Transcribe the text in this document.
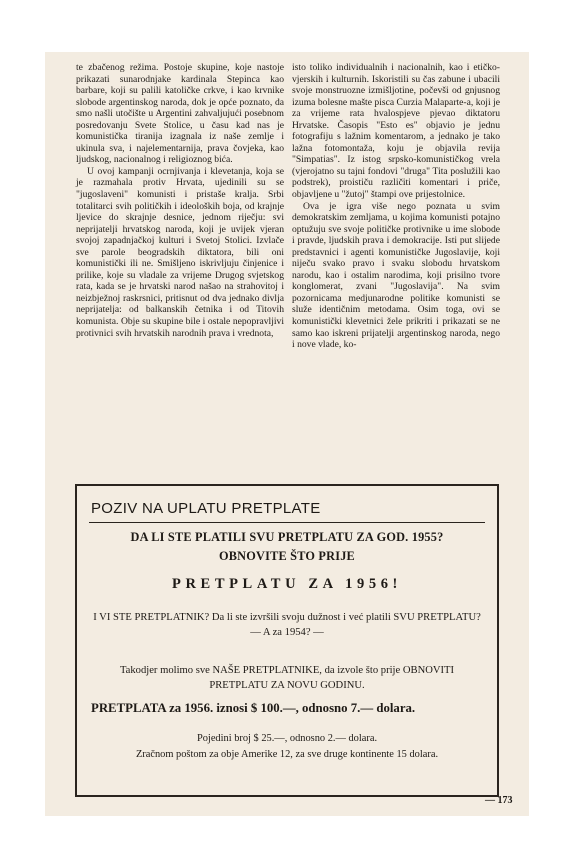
te zbačenog režima. Postoje skupine, koje nastoje prikazati sunarodnjake kardinala Stepinca kao barbare, koji su palili katoličke crkve, i kao krvnike slobode argentinskog naroda, dok je opće poznato, da smo našli utočište u Argentini zahvaljujući posebnom posredovanju Svete Stolice, u času kad nas je komunistička tiranija izagnala iz naše zemlje i ukinula sva, i najelementarnija, prava čovjeka, kao ljudskog, nacionalnog i religioznog bića.

U ovoj kampanji ocrnjivanja i klevetanja, koja se je razmahala protiv Hrvata, ujedinili su se "jugoslaveni" komunisti i pristaše kralja. Srbi totalitarci svih političkih i ideoloških boja, od krajnje ljevice do skrajnje desnice, jednom riječju: svi neprijatelji hrvatskog naroda, koji je uvijek vjeran svojoj zapadnjačkoj kulturi i Svetoj Stolici. Izvlače sve parole beogradskih diktatora, bili oni komunistički ili ne. Smišljeno iskrivljuju činjenice i prilike, koje su vladale za vrijeme Drugog svjetskog rata, kada se je hrvatski narod našao na strahovitoj i neizbježnoj raskrsnici, pritisnut od dva jednako divlja neprijatelja: od balkanskih četnika i od Titovih komunista. Obje su skupine bile i ostale nepopravljivi protivnici svih hrvatskih narodnih prava i vrednota,

isto toliko individualnih i nacionalnih, kao i etičko-vjerskih i kulturnih. Iskoristili su čas zabune i ubacili svoje monstruozne izmišljotine, počevši od gnjusnog izuma bolesne mašte pisca Curzia Malaparte-a, koji je za vrijeme rata hvalospjeve pjevao diktatoru Hrvatske. Časopis "Esto es" objavio je jednu fotografiju s lažnim komentarom, a jednako je tako lažna fotomontaža, koju je objavila revija "Simpatias". Iz istog srpsko-komunističkog vrela (vjerojatno su tajni fondovi "druga" Tita poslužili kao podstrek), proističu različiti komentari i priče, objavljene u "žutoj" štampi ove prijestolnice.

Ova je igra više nego poznata u svim demokratskim zemljama, u kojima komunisti potajno optužuju sve svoje političke protivnike u ime slobode i pravde, ljudskih prava i demokracije. Isti put slijede predstavnici i agenti komunističke Jugoslavije, koji niječu svako pravo i svaku slobodu hrvatskom narodu, kao i ostalim narodima, koji prisilno tvore konglomerat, zvani "Jugoslavija". Na svim pozornicama medjunarodne politike komunisti se služe identičnim metodama. Osim toga, ovi se komunistički klevetnici žele prikriti i prikazati se ne samo kao iskreni prijatelji argentinskog naroda, nego i nove vlade, ko-

POZIV NA UPLATU PRETPLATE
DA LI STE PLATILI SVU PRETPLATU ZA GOD. 1955?
OBNOVITE ŠTO PRIJE
PRETPLATU ZA 1956!
I VI STE PRETPLATNIK? Da li ste izvršili svoju dužnost i već platili SVU PRETPLATU? — A za 1954? —
Takodjer molimo sve NAŠE PRETPLATNIKE, da izvole što prije OBNOVITI PRETPLATU ZA NOVU GODINU.
PRETPLATA za 1956. iznosi $ 100.—, odnosno 7.— dolara.
Pojedini broj $ 25.—, odnosno 2.— dolara.
Zračnom poštom za obje Amerike 12, za sve druge kontinente 15 dolara.
— 173
